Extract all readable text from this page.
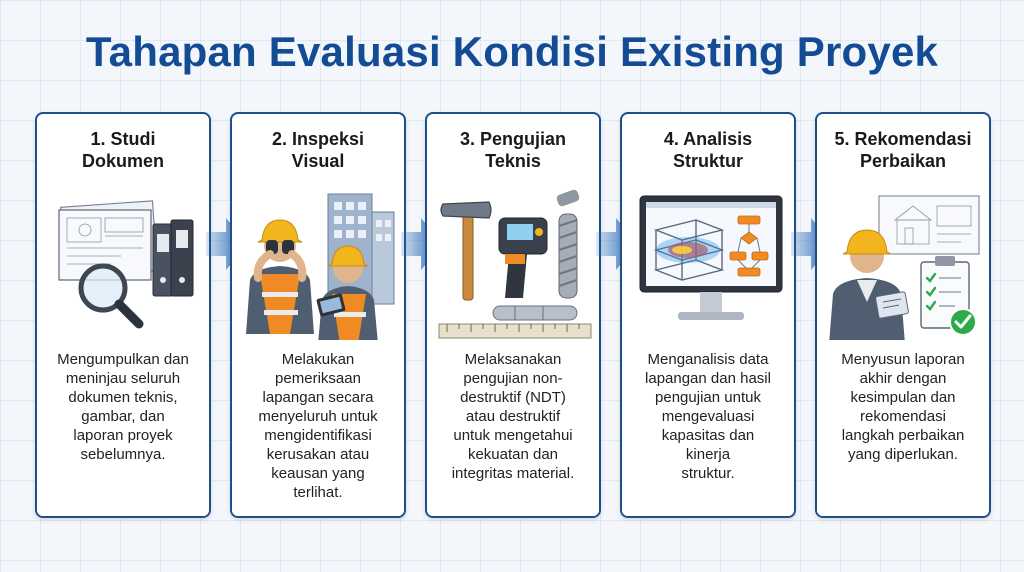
Tahapan Evaluasi Kondisi Existing Proyek
1. Studi
Dokumen
Mengumpulkan dan
meninjau seluruh
dokumen teknis,
gambar, dan
laporan proyek
sebelumnya.
2. Inspeksi
Visual
Melakukan
pemeriksaan
lapangan secara
menyeluruh untuk
mengidentifikasi
kerusakan atau
keausan yang
terlihat.
3. Pengujian
Teknis
Melaksanakan
pengujian non-
destruktif (NDT)
atau destruktif
untuk mengetahui
kekuatan dan
integritas material.
4. Analisis
Struktur
Menganalisis data
lapangan dan hasil
pengujian untuk
mengevaluasi
kapasitas dan
kinerja
struktur.
5. Rekomendasi
Perbaikan
Menyusun laporan
akhir dengan
kesimpulan dan
rekomendasi
langkah perbaikan
yang diperlukan.
